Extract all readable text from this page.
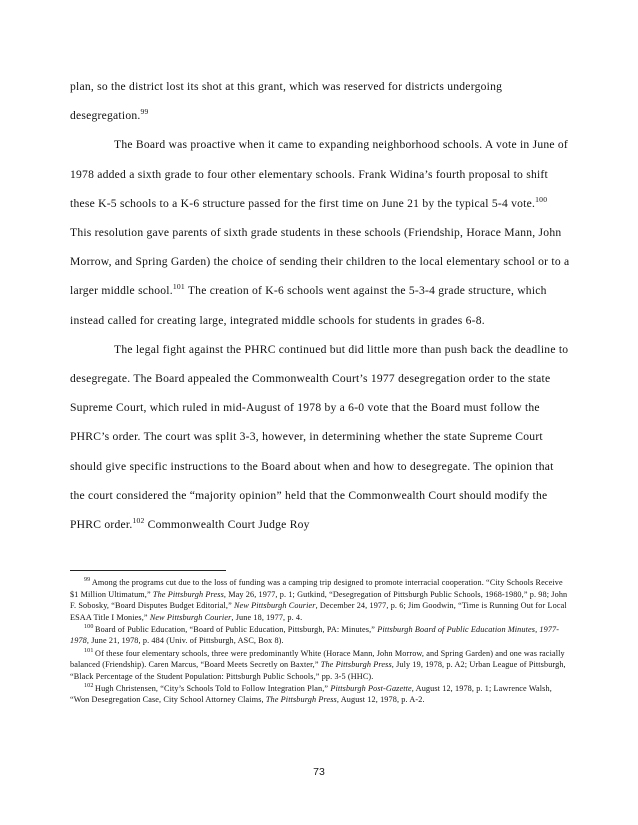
plan, so the district lost its shot at this grant, which was reserved for districts undergoing desegregation.$^{99}$

The Board was proactive when it came to expanding neighborhood schools. A vote in June of 1978 added a sixth grade to four other elementary schools. Frank Widina’s fourth proposal to shift these K-5 schools to a K-6 structure passed for the first time on June 21 by the typical 5-4 vote.$^{100}$ This resolution gave parents of sixth grade students in these schools (Friendship, Horace Mann, John Morrow, and Spring Garden) the choice of sending their children to the local elementary school or to a larger middle school.$^{101}$ The creation of K-6 schools went against the 5-3-4 grade structure, which instead called for creating large, integrated middle schools for students in grades 6-8.

The legal fight against the PHRC continued but did little more than push back the deadline to desegregate. The Board appealed the Commonwealth Court’s 1977 desegregation order to the state Supreme Court, which ruled in mid-August of 1978 by a 6-0 vote that the Board must follow the PHRC’s order. The court was split 3-3, however, in determining whether the state Supreme Court should give specific instructions to the Board about when and how to desegregate. The opinion that the court considered the “majority opinion” held that the Commonwealth Court should modify the PHRC order.$^{102}$ Commonwealth Court Judge Roy

$^{99}$ Among the programs cut due to the loss of funding was a camping trip designed to promote interracial cooperation. “City Schools Receive $1 Million Ultimatum,” The Pittsburgh Press, May 26, 1977, p. 1; Gutkind, “Desegregation of Pittsburgh Public Schools, 1968-1980,” p. 98; John F. Sobosky, “Board Disputes Budget Editorial,” New Pittsburgh Courier, December 24, 1977, p. 6; Jim Goodwin, “Time is Running Out for Local ESAA Title I Monies,” New Pittsburgh Courier, June 18, 1977, p. 4.

$^{100}$ Board of Public Education, “Board of Public Education, Pittsburgh, PA: Minutes,” Pittsburgh Board of Public Education Minutes, 1977-1978, June 21, 1978, p. 484 (Univ. of Pittsburgh, ASC, Box 8).

$^{101}$ Of these four elementary schools, three were predominantly White (Horace Mann, John Morrow, and Spring Garden) and one was racially balanced (Friendship). Caren Marcus, “Board Meets Secretly on Baxter,” The Pittsburgh Press, July 19, 1978, p. A2; Urban League of Pittsburgh, “Black Percentage of the Student Population: Pittsburgh Public Schools,” pp. 3-5 (HHC).

$^{102}$ Hugh Christensen, “City’s Schools Told to Follow Integration Plan,” Pittsburgh Post-Gazette, August 12, 1978, p. 1; Lawrence Walsh, “Won Desegregation Case, City School Attorney Claims, The Pittsburgh Press, August 12, 1978, p. A-2.

73
